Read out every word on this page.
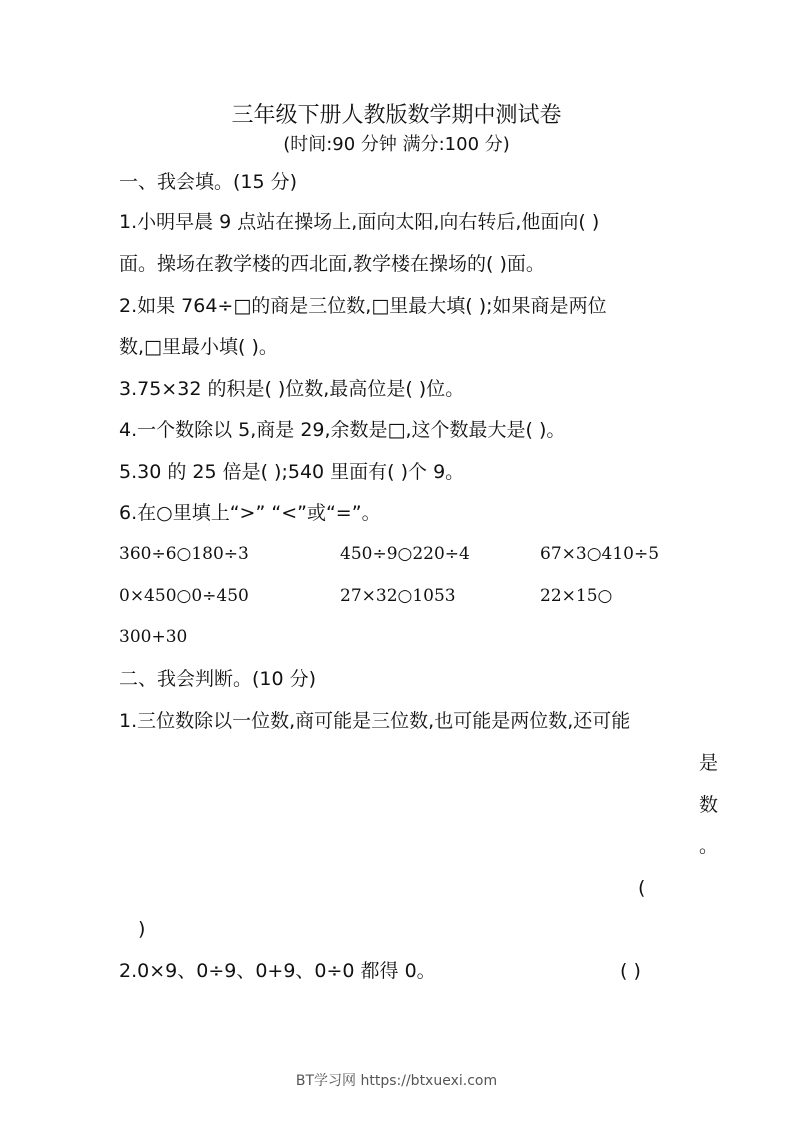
三年级下册人教版数学期中测试卷
(时间:90 分钟 满分:100 分)
一、我会填。(15 分)
1.小明早晨 9 点站在操场上,面向太阳,向右转后,他面向( )
面。操场在教学楼的西北面,教学楼在操场的( )面。
2.如果 764÷□的商是三位数,□里最大填( );如果商是两位
数,□里最小填( )。
3.75×32 的积是( )位数,最高位是( )位。
4.一个数除以 5,商是 29,余数是□,这个数最大是( )。
5.30 的 25 倍是( );540 里面有( )个 9。
6.在○里填上“>” “<”或“=”。
360÷6○180÷3	450÷9○220÷4	67×3○410÷5
0×450○0÷450	27×32○1053	22×15○
300+30
二、我会判断。(10 分)
1.三位数除以一位数,商可能是三位数,也可能是两位数,还可能
是
数
。
(
)
2.0×9、0÷9、0+9、0÷0 都得 0。	( )
BT学习网 https://btxuexi.com
